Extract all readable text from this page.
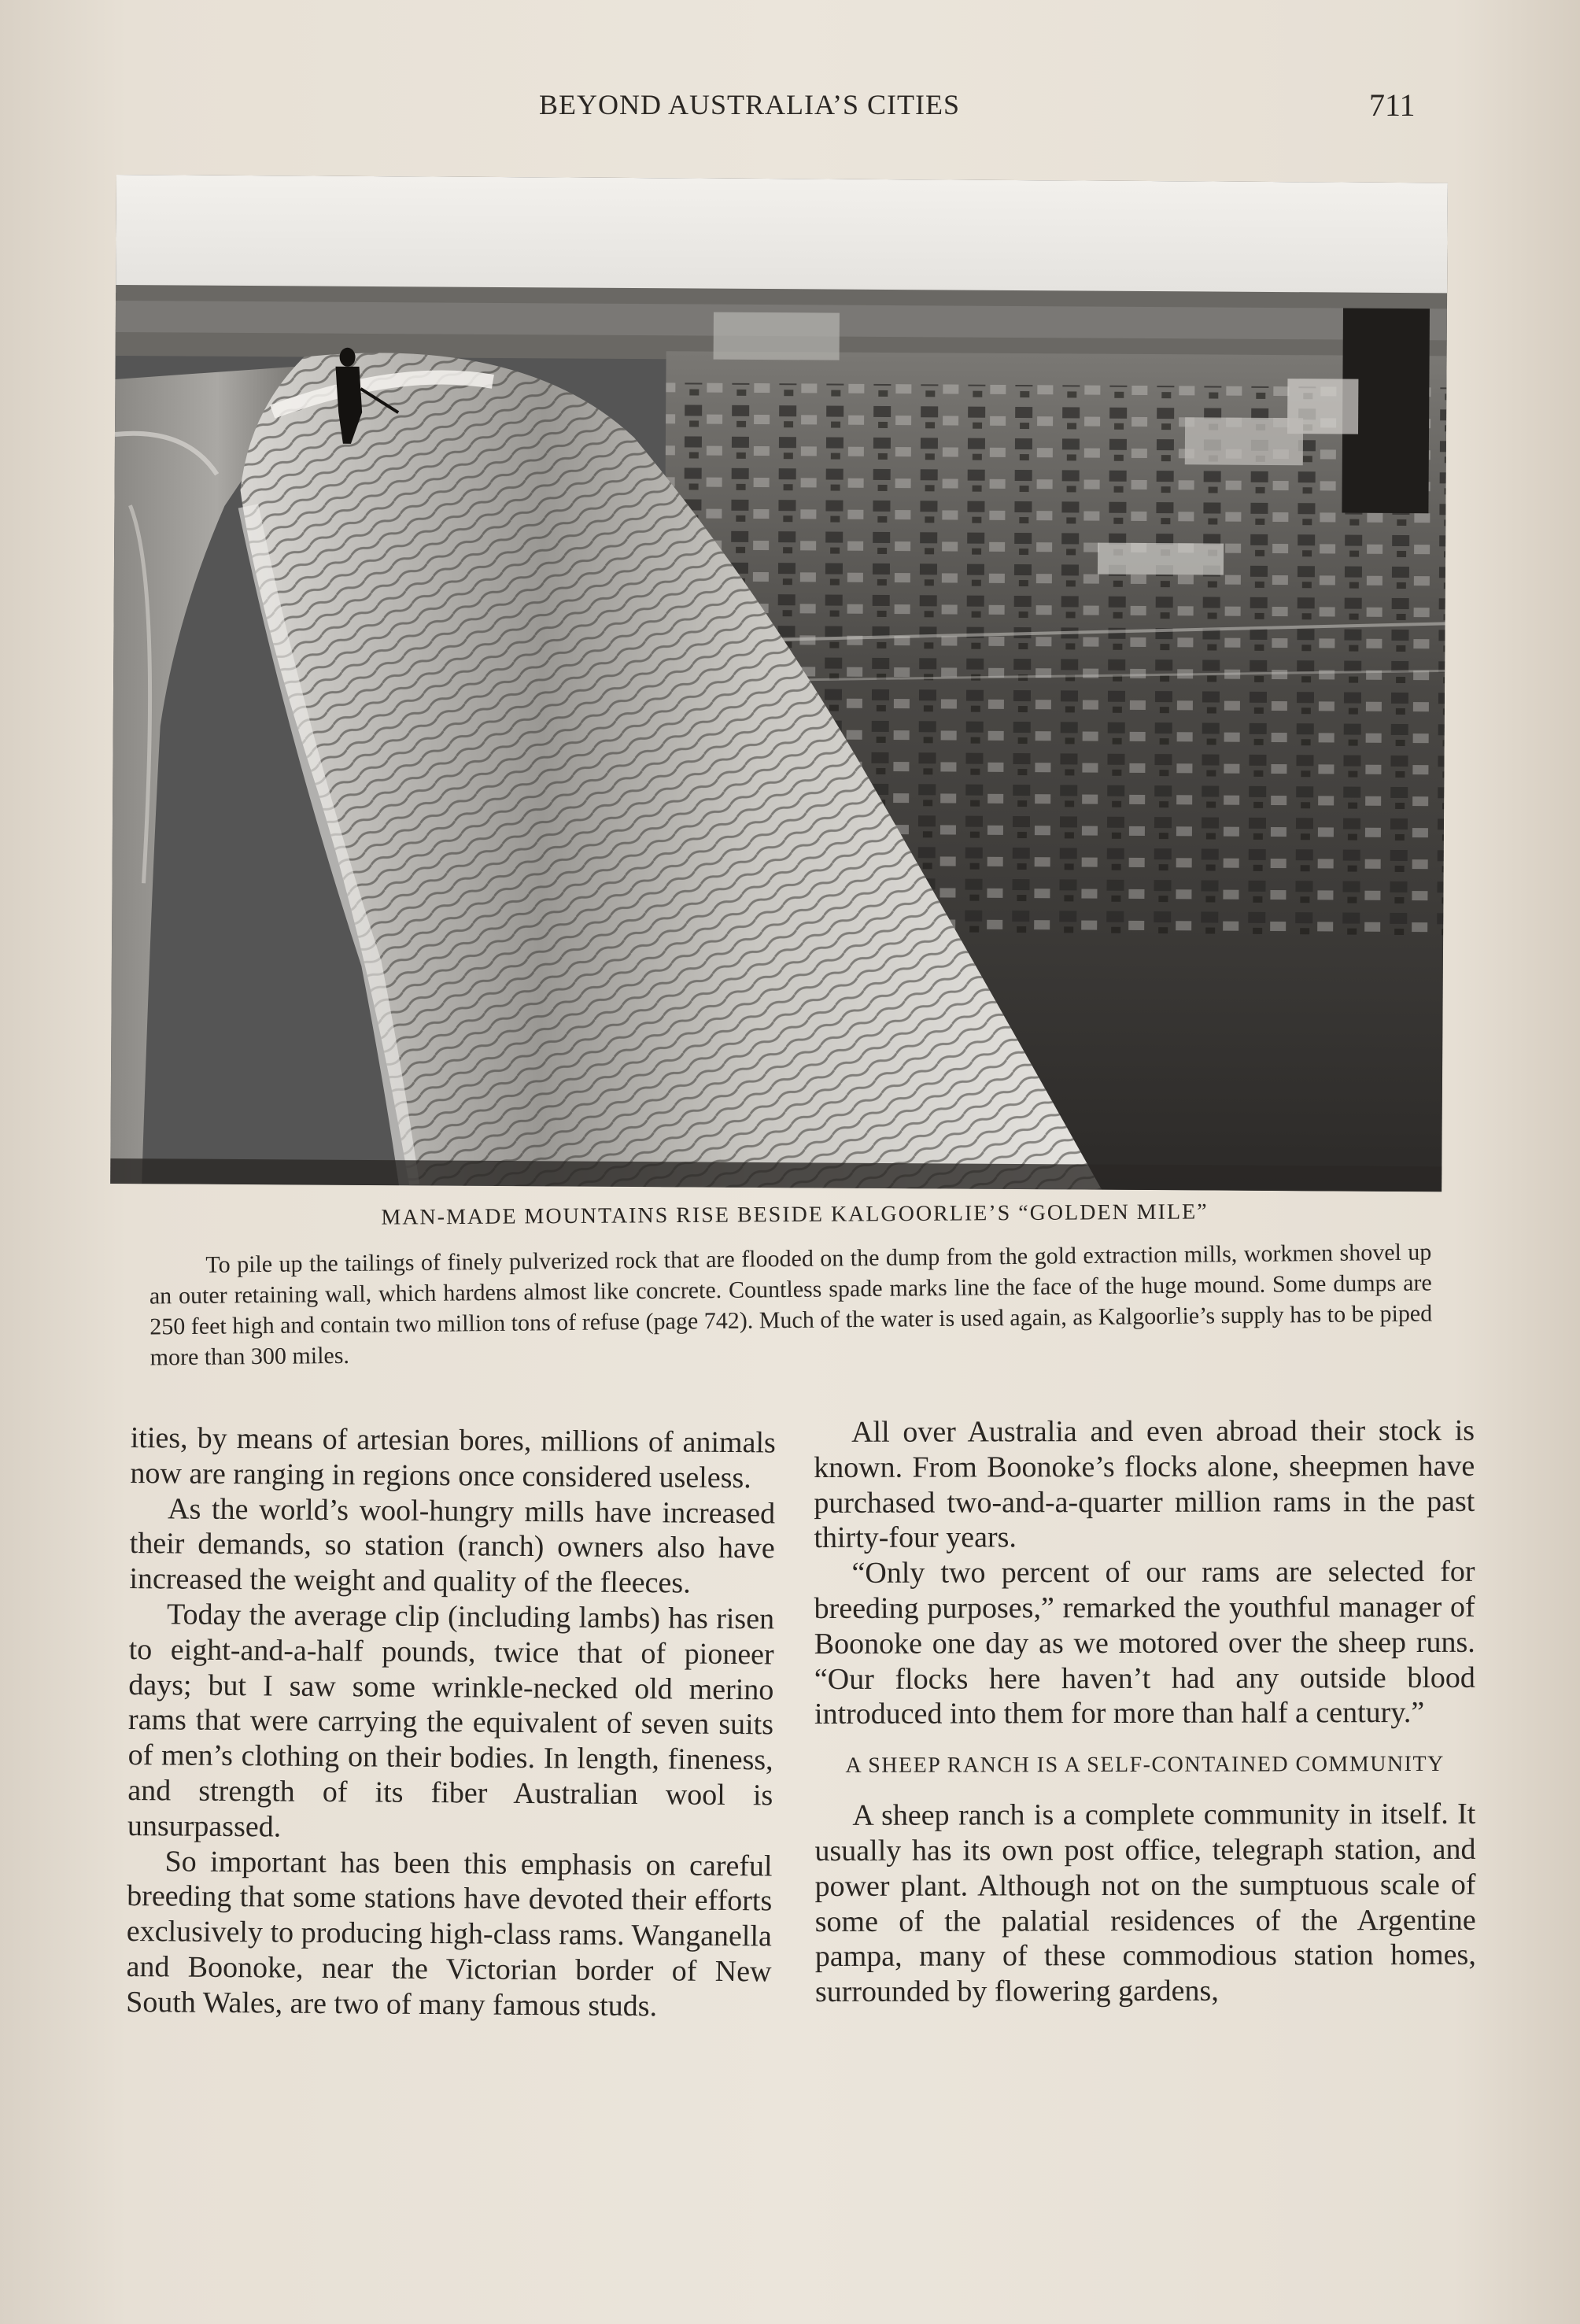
BEYOND AUSTRALIA’S CITIES	711
MAN-MADE MOUNTAINS RISE BESIDE KALGOORLIE’S “GOLDEN MILE”
To pile up the tailings of finely pulverized rock that are flooded on the dump from the gold extraction mills, workmen shovel up an outer retaining wall, which hardens almost like concrete. Countless spade marks line the face of the huge mound. Some dumps are 250 feet high and contain two million tons of refuse (page 742). Much of the water is used again, as Kalgoorlie’s supply has to be piped more than 300 miles.

ities, by means of artesian bores, millions of animals now are ranging in regions once considered useless.

As the world’s wool-hungry mills have increased their demands, so station (ranch) owners also have increased the weight and quality of the fleeces.

Today the average clip (including lambs) has risen to eight-and-a-half pounds, twice that of pioneer days; but I saw some wrinkle-necked old merino rams that were carrying the equivalent of seven suits of men’s clothing on their bodies. In length, fineness, and strength of its fiber Australian wool is unsurpassed.

So important has been this emphasis on careful breeding that some stations have devoted their efforts exclusively to producing high-class rams. Wanganella and Boonoke, near the Victorian border of New South Wales, are two of many famous studs.

All over Australia and even abroad their stock is known. From Boonoke’s flocks alone, sheepmen have purchased two-and-a-quarter million rams in the past thirty-four years.

“Only two percent of our rams are selected for breeding purposes,” remarked the youthful manager of Boonoke one day as we motored over the sheep runs. “Our flocks here haven’t had any outside blood introduced into them for more than half a century.”

A SHEEP RANCH IS A SELF-CONTAINED COMMUNITY

A sheep ranch is a complete community in itself. It usually has its own post office, telegraph station, and power plant. Although not on the sumptuous scale of some of the palatial residences of the Argentine pampa, many of these commodious station homes, surrounded by flowering gardens,
